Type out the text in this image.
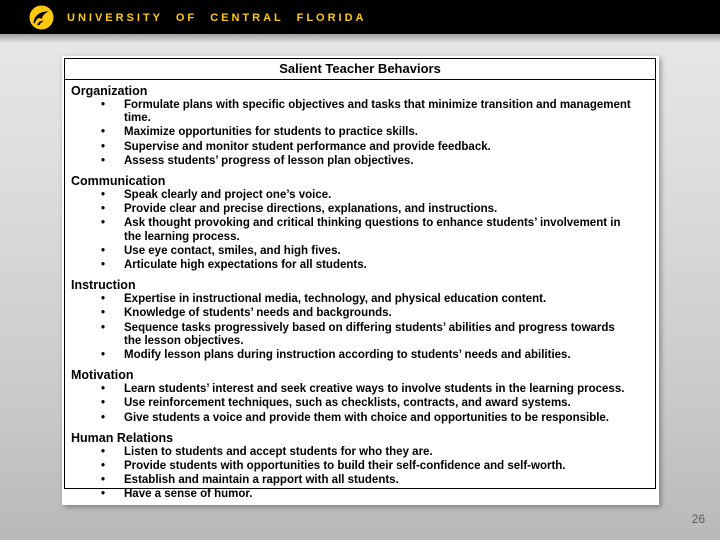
UNIVERSITY OF CENTRAL FLORIDA
Salient Teacher Behaviors
Organization
• Formulate plans with specific objectives and tasks that minimize transition and management time.
• Maximize opportunities for students to practice skills.
• Supervise and monitor student performance and provide feedback.
• Assess students’ progress of lesson plan objectives.
Communication
• Speak clearly and project one’s voice.
• Provide clear and precise directions, explanations, and instructions.
• Ask thought provoking and critical thinking questions to enhance students’ involvement in the learning process.
• Use eye contact, smiles, and high fives.
• Articulate high expectations for all students.
Instruction
• Expertise in instructional media, technology, and physical education content.
• Knowledge of students’ needs and backgrounds.
• Sequence tasks progressively based on differing students’ abilities and progress towards the lesson objectives.
• Modify lesson plans during instruction according to students’ needs and abilities.
Motivation
• Learn students’ interest and seek creative ways to involve students in the learning process.
• Use reinforcement techniques, such as checklists, contracts, and award systems.
• Give students a voice and provide them with choice and opportunities to be responsible.
Human Relations
• Listen to students and accept students for who they are.
• Provide students with opportunities to build their self-confidence and self-worth.
• Establish and maintain a rapport with all students.
• Have a sense of humor.
26
